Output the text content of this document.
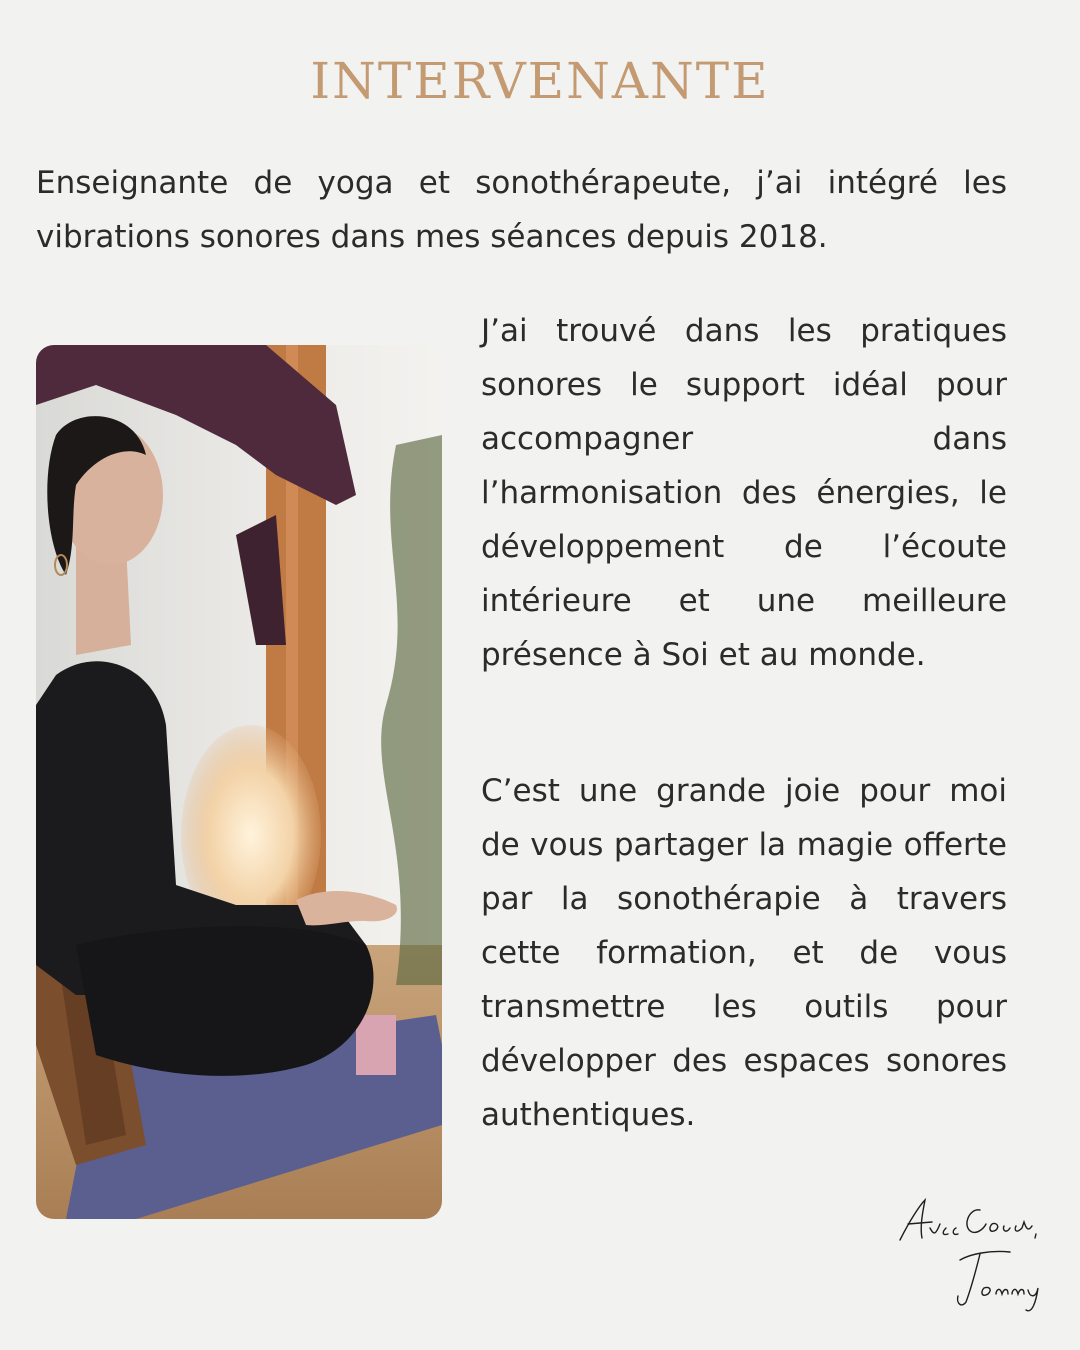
INTERVENANTE

Enseignante de yoga et sonothérapeute, j’ai intégré les vibrations sonores dans mes séances depuis 2018.

J’ai trouvé dans les pratiques sonores le support idéal pour accompagner dans l’harmonisation des énergies, le développement de l’écoute intérieure et une meilleure présence à Soi et au monde.

C’est une grande joie pour moi de vous partager la magie offerte par la sonothérapie à travers cette formation, et de vous transmettre les outils pour développer des espaces sonores authentiques.
